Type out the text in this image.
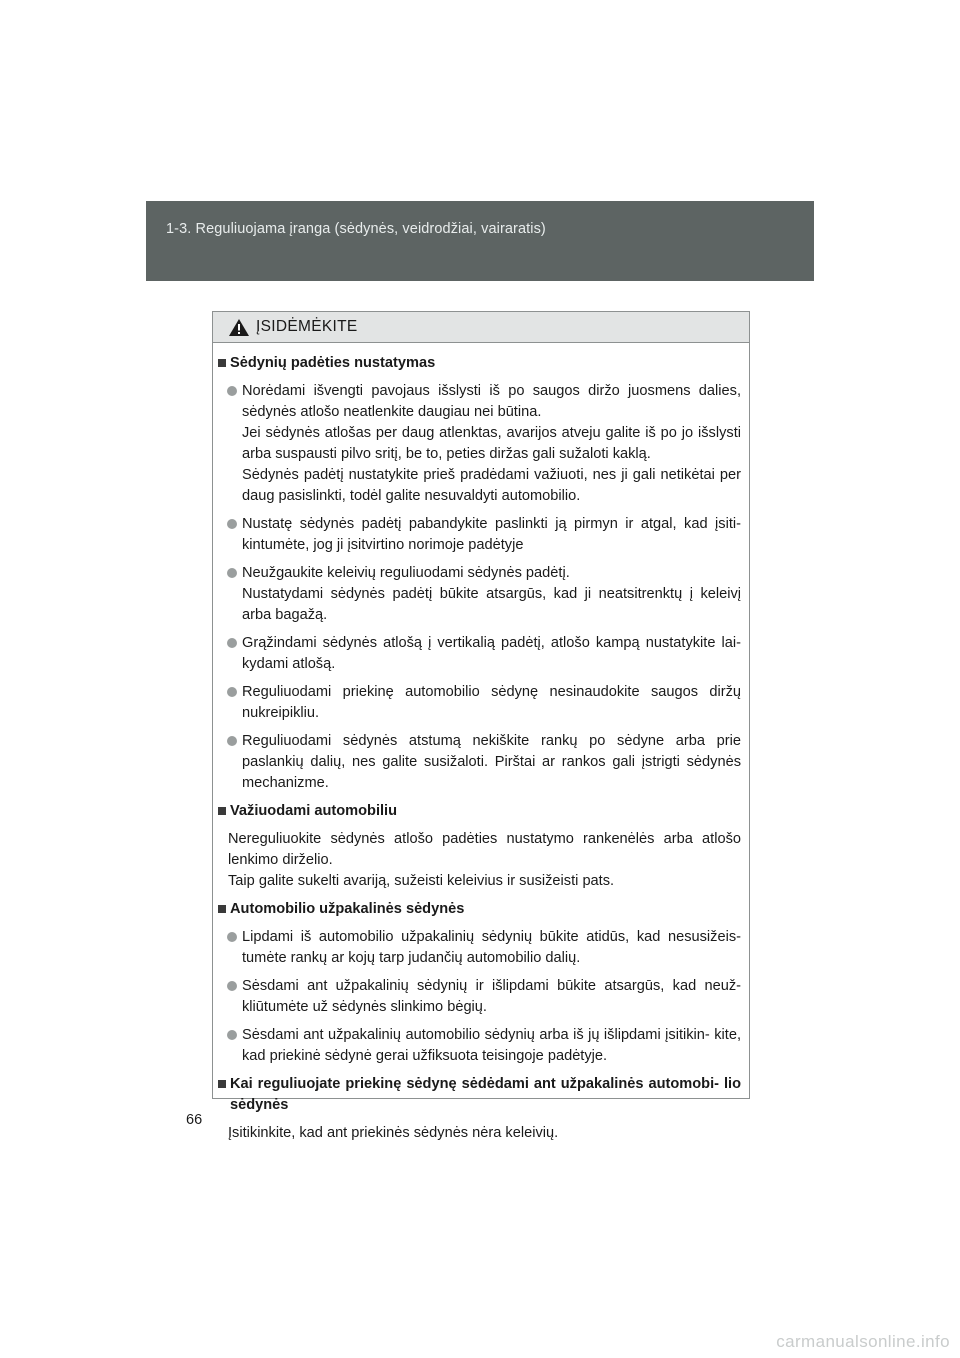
1-3. Reguliuojama įranga (sėdynės, veidrodžiai, vairaratis)
ĮSIDĖMĖKITE
Sėdynių padėties nustatymas

Norėdami išvengti pavojaus išslysti iš po saugos diržo juosmens dalies, sėdynės atlošo neatlenkite daugiau nei būtina.

Jei sėdynės atlošas per daug atlenktas, avarijos atveju galite iš po jo išslysti arba suspausti pilvo sritį, be to, peties diržas gali sužaloti kaklą.

Sėdynės padėtį nustatykite prieš pradėdami važiuoti, nes ji gali netikėtai per daug pasislinkti, todėl galite nesuvaldyti automobilio.

Nustatę sėdynės padėtį pabandykite paslinkti ją pirmyn ir atgal, kad įsiti- kintumėte, jog ji įsitvirtino norimoje padėtyje

Neužgaukite keleivių reguliuodami sėdynės padėtį.

Nustatydami sėdynės padėtį būkite atsargūs, kad ji neatsitrenktų į keleivį arba bagažą.

Grąžindami sėdynės atlošą į vertikalią padėtį, atlošo kampą nustatykite lai- kydami atlošą.

Reguliuodami priekinę automobilio sėdynę nesinaudokite saugos diržų nukreipikliu.

Reguliuodami sėdynės atstumą nekiškite rankų po sėdyne arba prie paslankių dalių, nes galite susižaloti. Pirštai ar rankos gali įstrigti sėdynės mechanizme.

Važiuodami automobiliu

Nereguliuokite sėdynės atlošo padėties nustatymo rankenėlės arba atlošo lenkimo dirželio.

Taip galite sukelti avariją, sužeisti keleivius ir susižeisti pats.

Automobilio užpakalinės sėdynės

Lipdami iš automobilio užpakalinių sėdynių būkite atidūs, kad nesusižeis- tumėte rankų ar kojų tarp judančių automobilio dalių.

Sėsdami ant užpakalinių sėdynių ir išlipdami būkite atsargūs, kad neuž- kliūtumėte už sėdynės slinkimo bėgių.

Sėsdami ant užpakalinių automobilio sėdynių arba iš jų išlipdami įsitikin- kite, kad priekinė sėdynė gerai užfiksuota teisingoje padėtyje.

Kai reguliuojate priekinę sėdynę sėdėdami ant užpakalinės automobi- lio sėdynės

Įsitikinkite, kad ant priekinės sėdynės nėra keleivių.

66
carmanualsonline.info
